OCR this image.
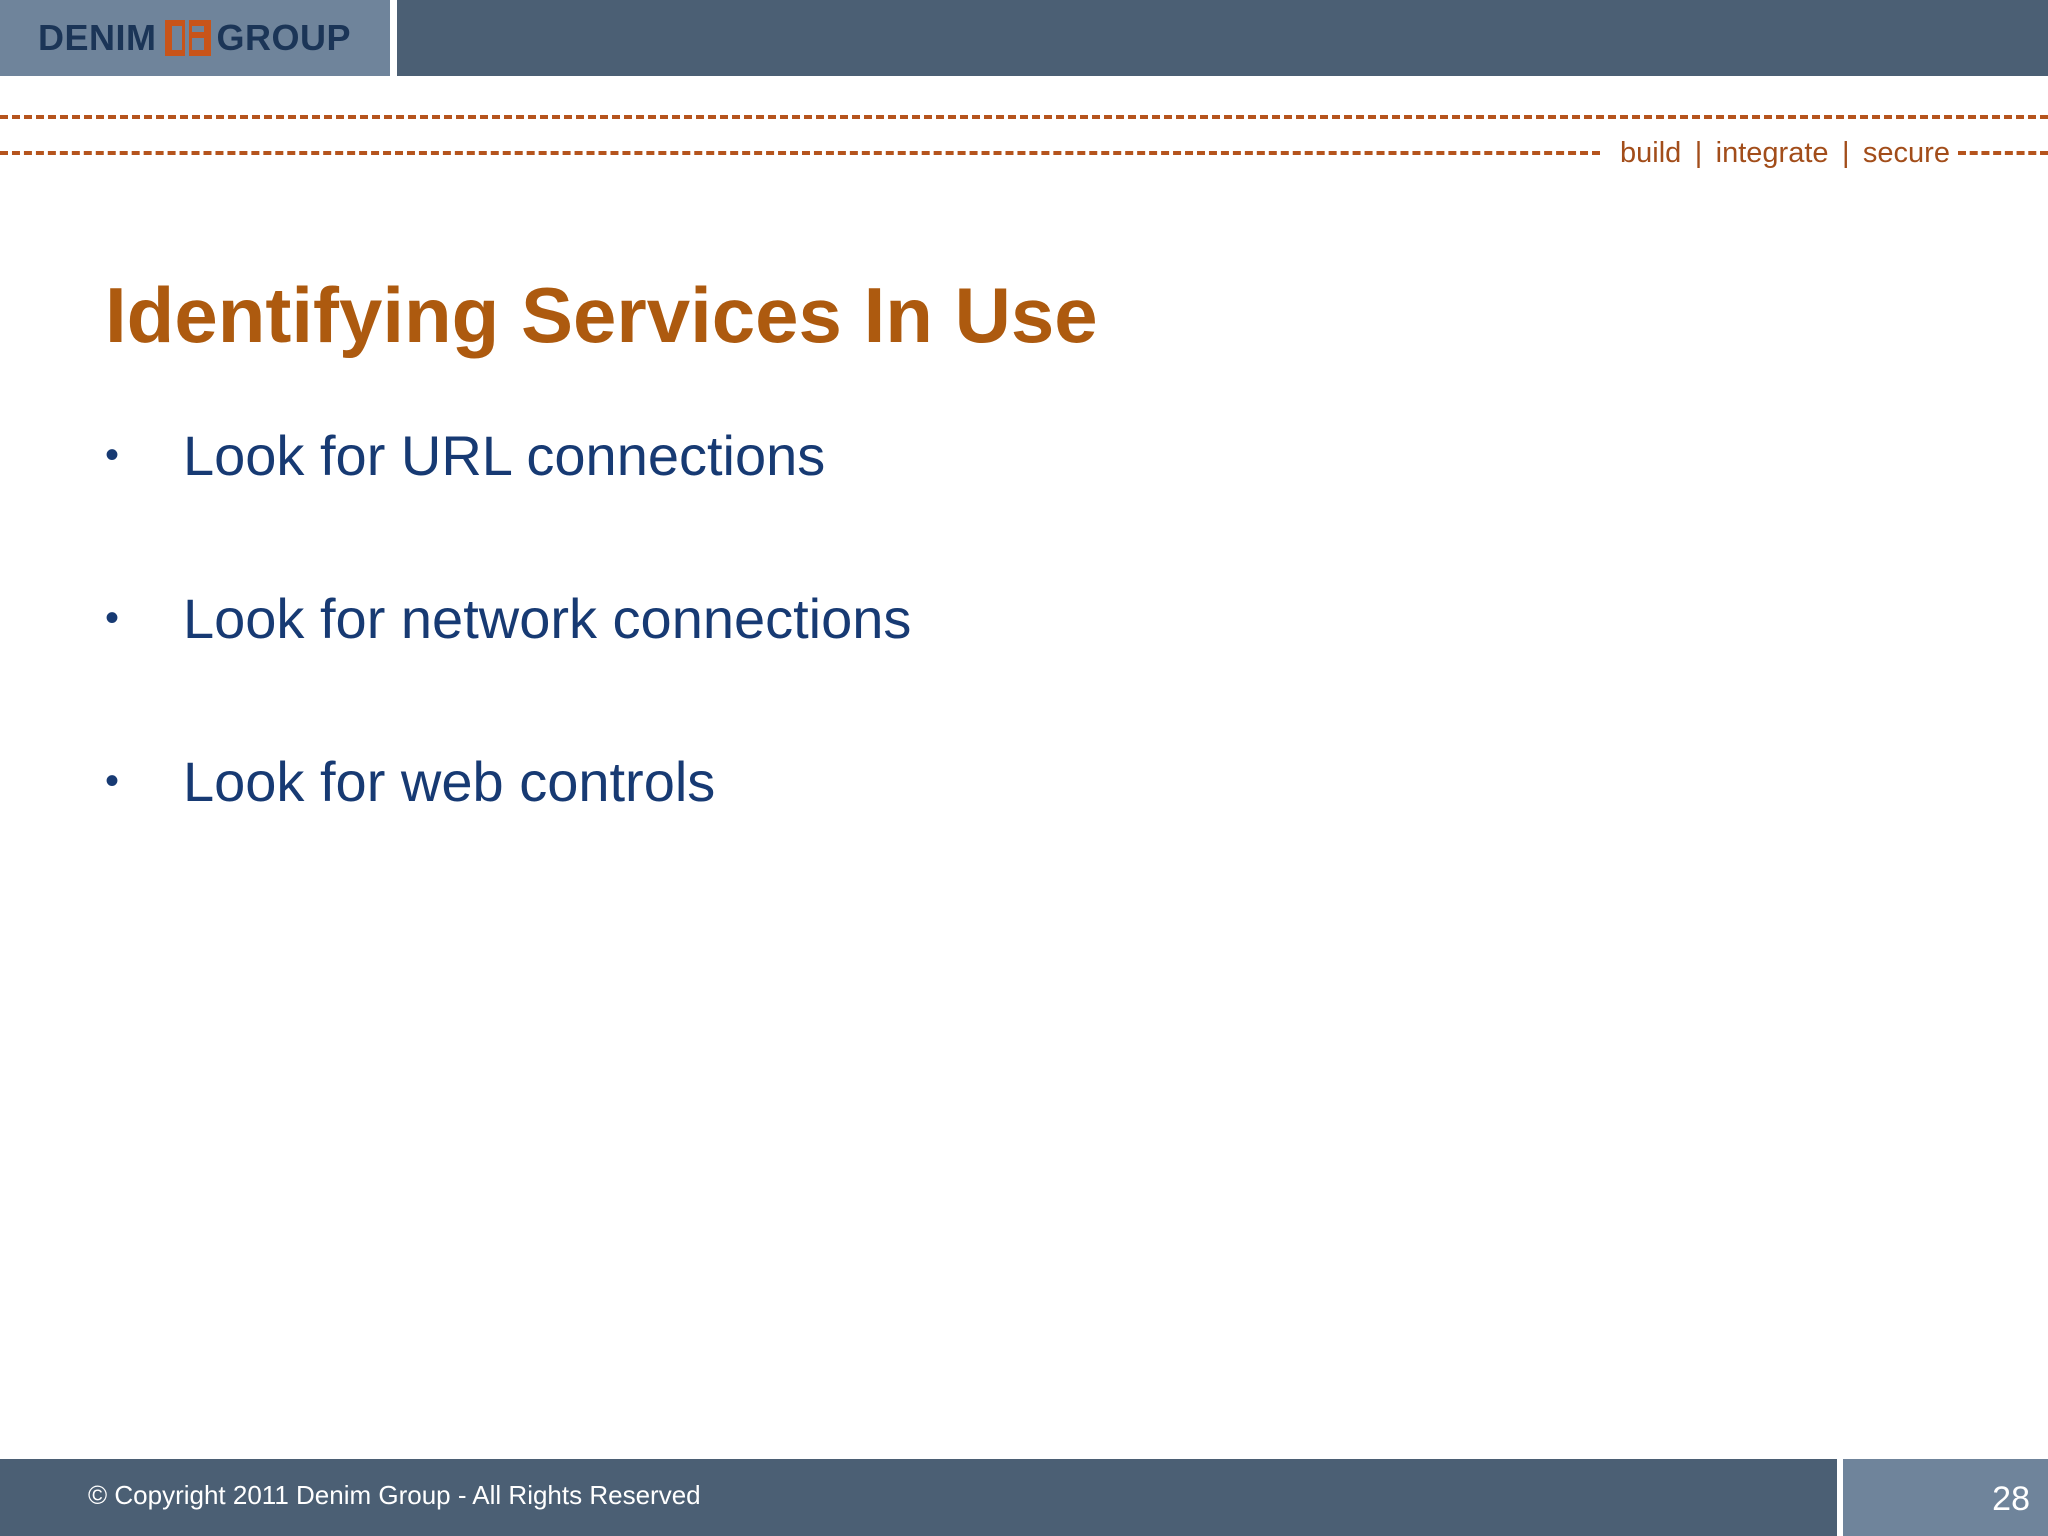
DENIM GROUP
build | integrate | secure
Identifying Services In Use
•	Look for URL connections
•	Look for network connections
•	Look for web controls
© Copyright 2011 Denim Group - All Rights Reserved	28
